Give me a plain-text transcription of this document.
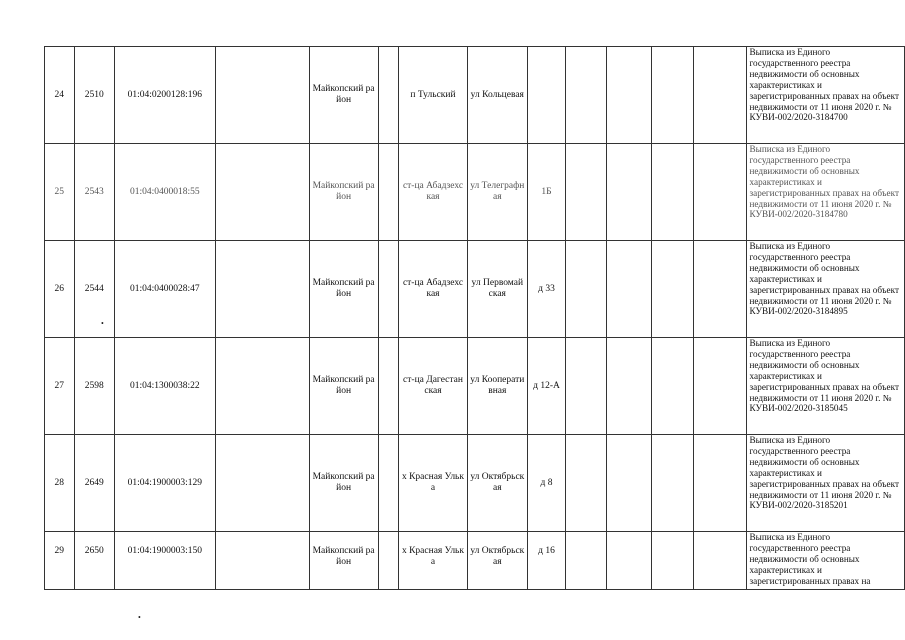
24	2510	01:04:0200128:196		Майкопский район		п Тульский	ул Кольцевая						Выписка из Единого государственного реестра недвижимости об основных характеристиках и зарегистрированных правах на объект недвижимости от 11 июня 2020 г. № КУВИ-002/2020-3184700
25	2543	01:04:0400018:55		Майкопский район		ст-ца Абадзехская	ул Телеграфная	1Б					Выписка из Единого государственного реестра недвижимости об основных характеристиках и зарегистрированных правах на объект недвижимости от 11 июня 2020 г. № КУВИ-002/2020-3184780
26	2544	01:04:0400028:47		Майкопский район		ст-ца Абадзехская	ул Первомайская	д 33					Выписка из Единого государственного реестра недвижимости об основных характеристиках и зарегистрированных правах на объект недвижимости от 11 июня 2020 г. № КУВИ-002/2020-3184895
27	2598	01:04:1300038:22		Майкопский район		ст-ца Дагестанская	ул Кооперативная	д 12-А					Выписка из Единого государственного реестра недвижимости об основных характеристиках и зарегистрированных правах на объект недвижимости от 11 июня 2020 г. № КУВИ-002/2020-3185045
28	2649	01:04:1900003:129		Майкопский район		х Красная Улька	ул Октябрьская	д 8					Выписка из Единого государственного реестра недвижимости об основных характеристиках и зарегистрированных правах на объект недвижимости от 11 июня 2020 г. № КУВИ-002/2020-3185201
29	2650	01:04:1900003:150		Майкопский район		х Красная Улька	ул Октябрьская	д 16					Выписка из Единого государственного реестра недвижимости об основных характеристиках и зарегистрированных правах на
•
•
